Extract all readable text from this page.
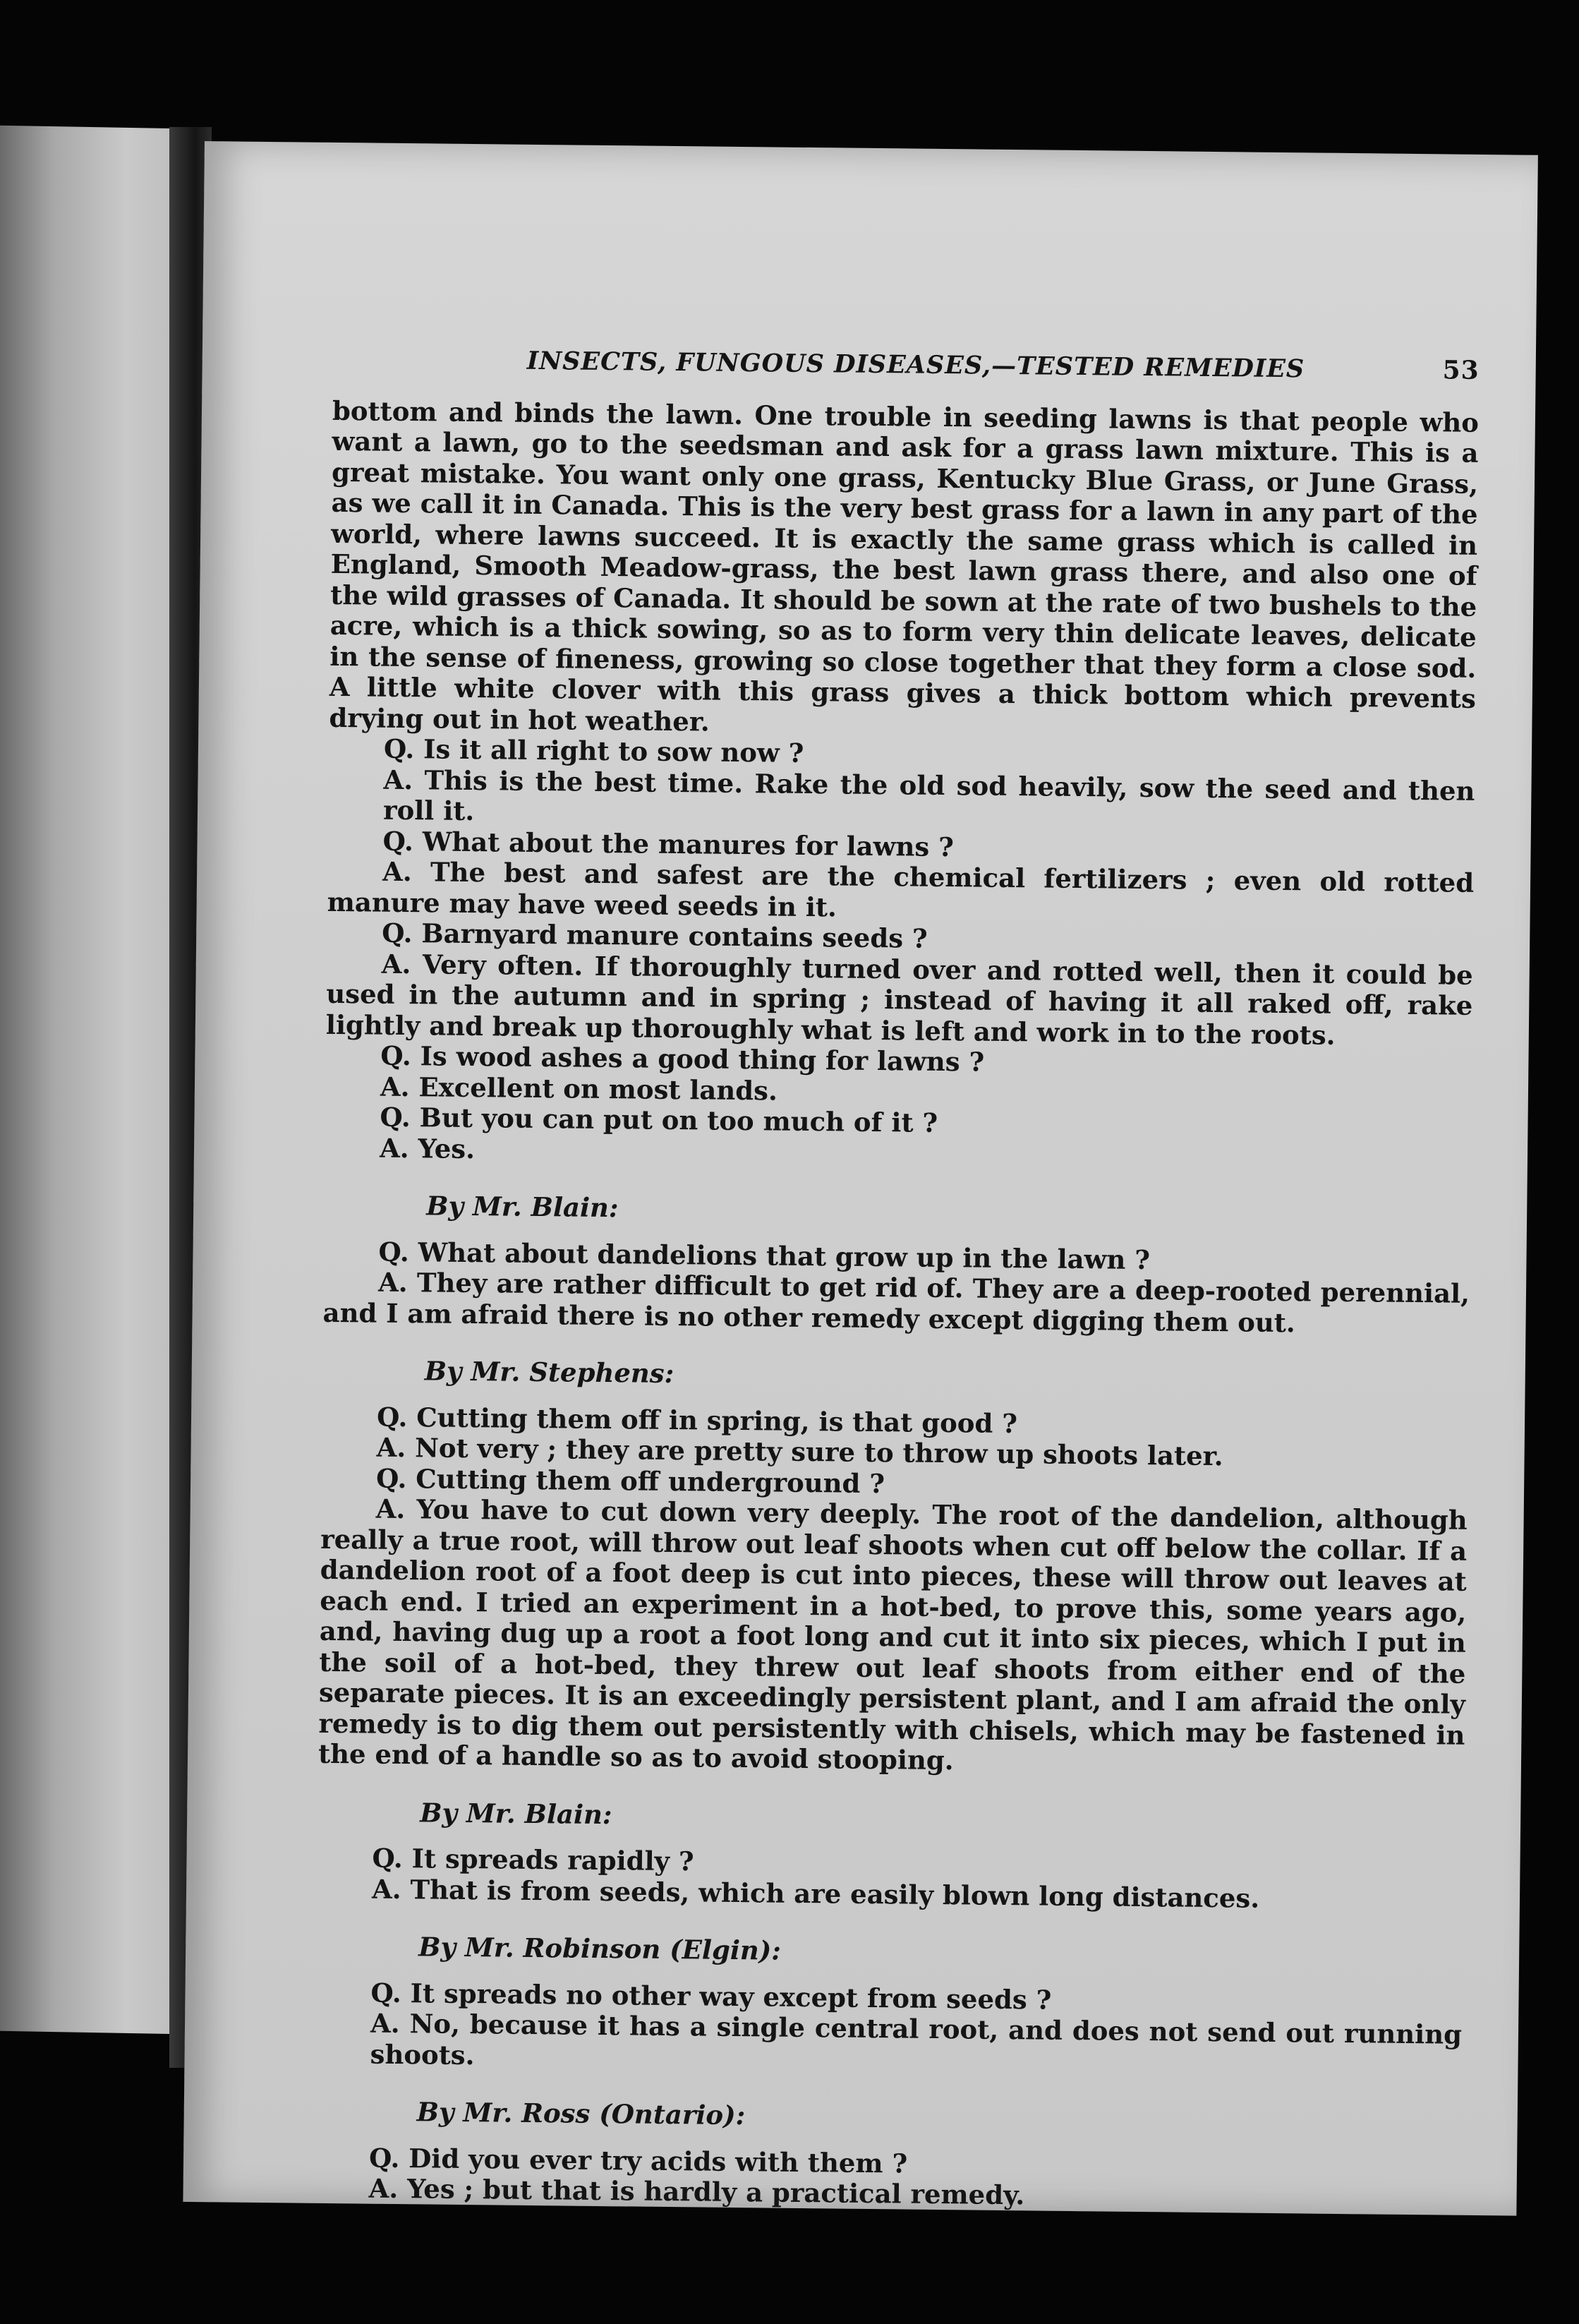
INSECTS, FUNGOUS DISEASES,—TESTED REMEDIES	53

bottom and binds the lawn. One trouble in seeding lawns is that people who want a lawn, go to the seedsman and ask for a grass lawn mixture. This is a great mistake. You want only one grass, Kentucky Blue Grass, or June Grass, as we call it in Canada. This is the very best grass for a lawn in any part of the world, where lawns succeed. It is exactly the same grass which is called in England, Smooth Meadow-grass, the best lawn grass there, and also one of the wild grasses of Canada. It should be sown at the rate of two bushels to the acre, which is a thick sowing, so as to form very thin delicate leaves, delicate in the sense of fineness, growing so close together that they form a close sod. A little white clover with this grass gives a thick bottom which prevents drying out in hot weather.

Q. Is it all right to sow now ?

A. This is the best time. Rake the old sod heavily, sow the seed and then roll it.

Q. What about the manures for lawns ?

A. The best and safest are the chemical fertilizers ; even old rotted manure may have weed seeds in it.

Q. Barnyard manure contains seeds ?

A. Very often. If thoroughly turned over and rotted well, then it could be used in the autumn and in spring ; instead of having it all raked off, rake lightly and break up thoroughly what is left and work in to the roots.

Q. Is wood ashes a good thing for lawns ?

A. Excellent on most lands.

Q. But you can put on too much of it ?

A. Yes.

By Mr. Blain:

Q. What about dandelions that grow up in the lawn ?

A. They are rather difficult to get rid of. They are a deep-rooted perennial, and I am afraid there is no other remedy except digging them out.

By Mr. Stephens:

Q. Cutting them off in spring, is that good ?

A. Not very ; they are pretty sure to throw up shoots later.

Q. Cutting them off underground ?

A. You have to cut down very deeply. The root of the dandelion, although really a true root, will throw out leaf shoots when cut off below the collar. If a dandelion root of a foot deep is cut into pieces, these will throw out leaves at each end. I tried an experiment in a hot-bed, to prove this, some years ago, and, having dug up a root a foot long and cut it into six pieces, which I put in the soil of a hot-bed, they threw out leaf shoots from either end of the separate pieces. It is an exceedingly persistent plant, and I am afraid the only remedy is to dig them out persistently with chisels, which may be fastened in the end of a handle so as to avoid stooping.

By Mr. Blain:

Q. It spreads rapidly ?

A. That is from seeds, which are easily blown long distances.

By Mr. Robinson (Elgin):

Q. It spreads no other way except from seeds ?

A. No, because it has a single central root, and does not send out running shoots.

By Mr. Ross (Ontario):

Q. Did you ever try acids with them ?

A. Yes ; but that is hardly a practical remedy.
